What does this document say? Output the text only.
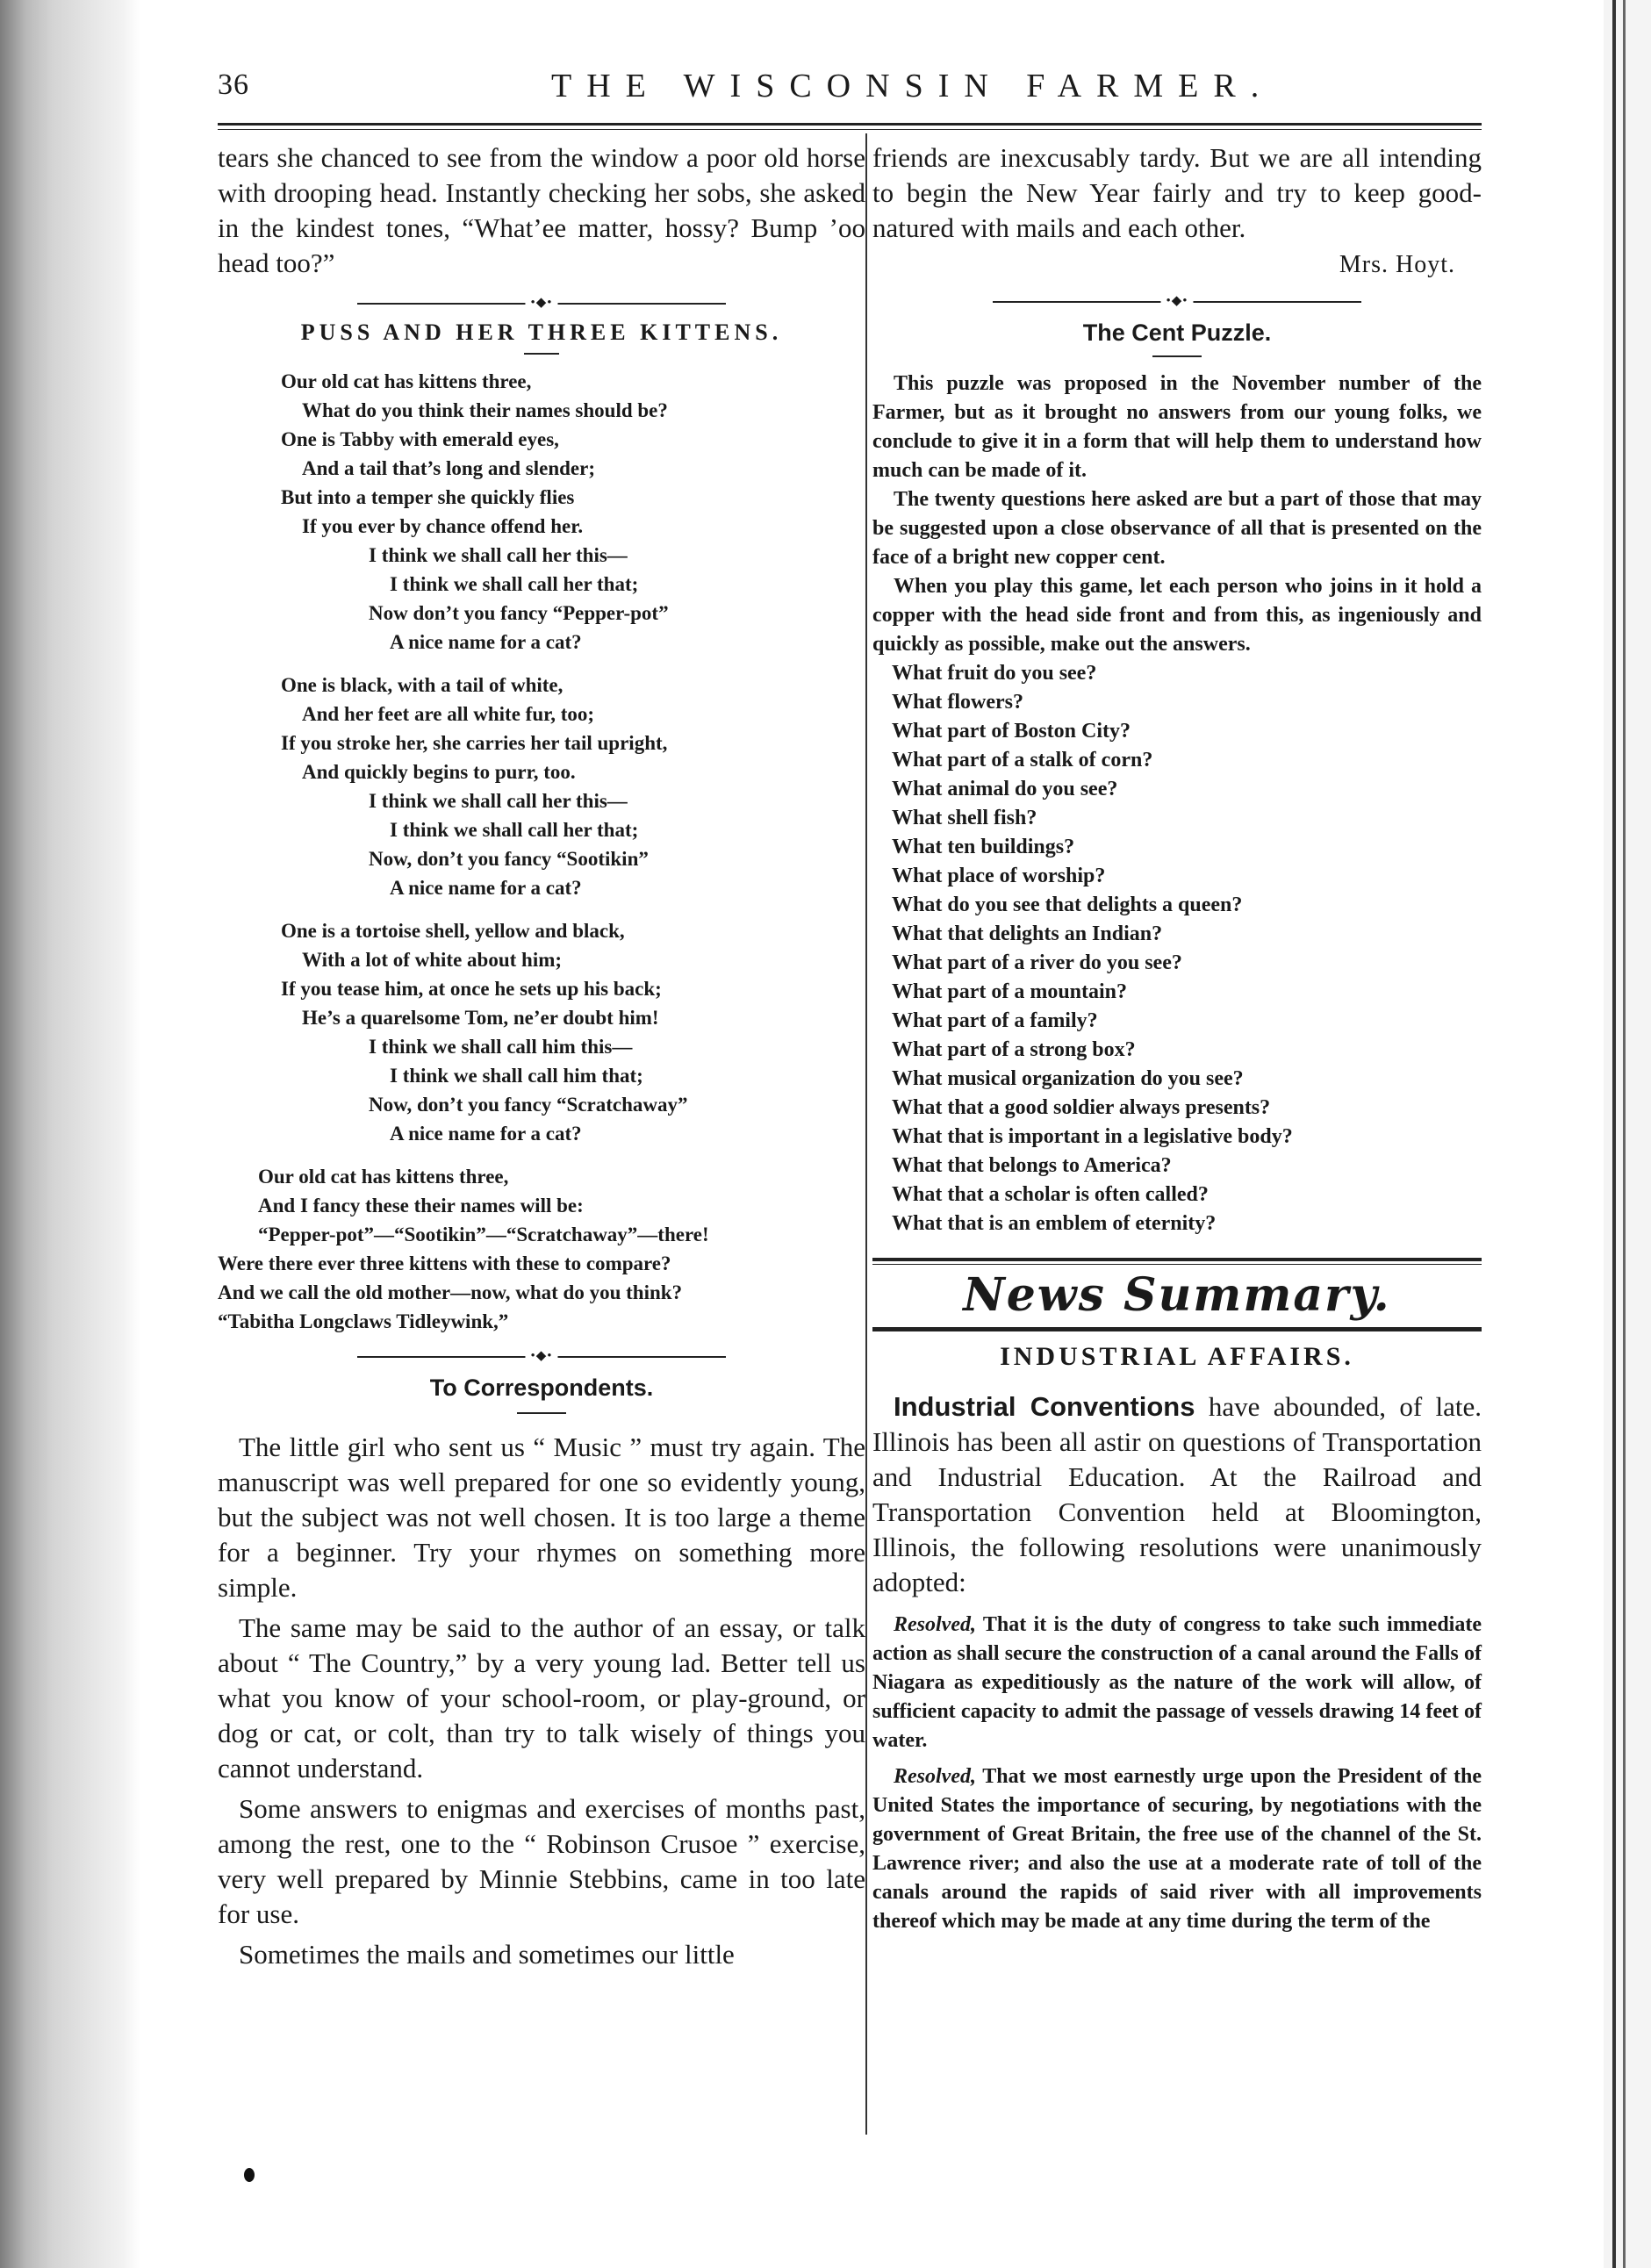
36	THE WISCONSIN FARMER.

tears she chanced to see from the window a poor old horse with drooping head. Instantly checking her sobs, she asked in the kindest tones, “What’ee matter, hossy? Bump ’oo head too?”

•◆•
PUSS AND HER THREE KITTENS.
Our old cat has kittens three,
What do you think their names should be?
One is Tabby with emerald eyes,
And a tail that’s long and slender;
But into a temper she quickly flies
If you ever by chance offend her.
I think we shall call her this—
I think we shall call her that;
Now don’t you fancy “Pepper-pot”
A nice name for a cat?
One is black, with a tail of white,
And her feet are all white fur, too;
If you stroke her, she carries her tail upright,
And quickly begins to purr, too.
I think we shall call her this—
I think we shall call her that;
Now, don’t you fancy “Sootikin”
A nice name for a cat?
One is a tortoise shell, yellow and black,
With a lot of white about him;
If you tease him, at once he sets up his back;
He’s a quarelsome Tom, ne’er doubt him!
I think we shall call him this—
I think we shall call him that;
Now, don’t you fancy “Scratchaway”
A nice name for a cat?
Our old cat has kittens three,
And I fancy these their names will be:
“Pepper-pot”—“Sootikin”—“Scratchaway”—there!
Were there ever three kittens with these to compare?
And we call the old mother—now, what do you think?
“Tabitha Longclaws Tidleywink,”
•◆•
To Correspondents.

The little girl who sent us “ Music ” must try again. The manuscript was well prepared for one so evidently young, but the subject was not well chosen. It is too large a theme for a beginner. Try your rhymes on something more simple.

The same may be said to the author of an essay, or talk about “ The Country,” by a very young lad. Better tell us what you know of your school-room, or play-ground, or dog or cat, or colt, than try to talk wisely of things you cannot understand.

Some answers to enigmas and exercises of months past, among the rest, one to the “ Robinson Crusoe ” exercise, very well prepared by Minnie Stebbins, came in too late for use.

Sometimes the mails and sometimes our little

friends are inexcusably tardy. But we are all intending to begin the New Year fairly and try to keep good-natured with mails and each other.

Mrs. Hoyt.
•◆•
The Cent Puzzle.

This puzzle was proposed in the November number of the Farmer, but as it brought no answers from our young folks, we conclude to give it in a form that will help them to understand how much can be made of it.

The twenty questions here asked are but a part of those that may be suggested upon a close observance of all that is presented on the face of a bright new copper cent.

When you play this game, let each person who joins in it hold a copper with the head side front and from this, as ingeniously and quickly as possible, make out the answers.

What fruit do you see?
What flowers?
What part of Boston City?
What part of a stalk of corn?
What animal do you see?
What shell fish?
What ten buildings?
What place of worship?
What do you see that delights a queen?
What that delights an Indian?
What part of a river do you see?
What part of a mountain?
What part of a family?
What part of a strong box?
What musical organization do you see?
What that a good soldier always presents?
What that is important in a legislative body?
What that belongs to America?
What that a scholar is often called?
What that is an emblem of eternity?
News Summary.
INDUSTRIAL AFFAIRS.

Industrial Conventions have abounded, of late. Illinois has been all astir on questions of Transportation and Industrial Education. At the Railroad and Transportation Convention held at Bloomington, Illinois, the following resolutions were unanimously adopted:

Resolved, That it is the duty of congress to take such immediate action as shall secure the construction of a canal around the Falls of Niagara as expeditiously as the nature of the work will allow, of sufficient capacity to admit the passage of vessels drawing 14 feet of water.

Resolved, That we most earnestly urge upon the President of the United States the importance of securing, by negotiations with the government of Great Britain, the free use of the channel of the St. Lawrence river; and also the use at a moderate rate of toll of the canals around the rapids of said river with all improvements thereof which may be made at any time during the term of the
